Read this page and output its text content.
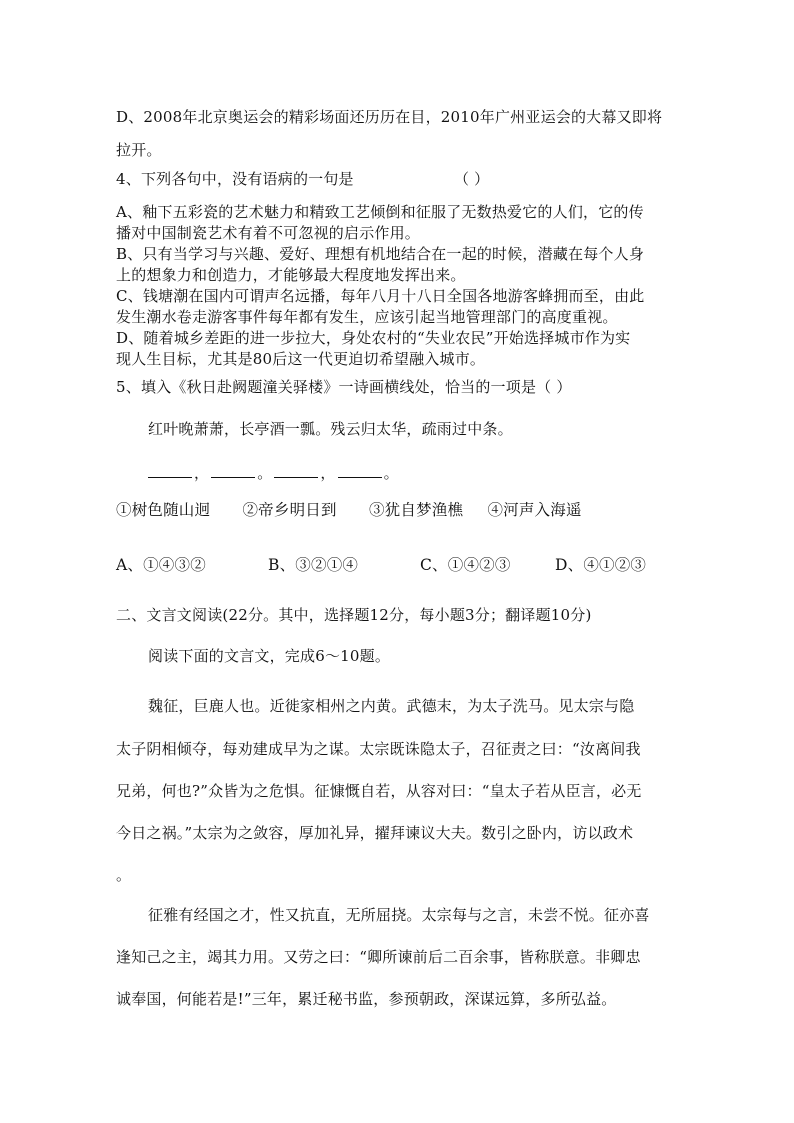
D、2008年北京奥运会的精彩场面还历历在目，2010年广州亚运会的大幕又即将
拉开。
4、下列各句中，没有语病的一句是	（ ）
A、釉下五彩瓷的艺术魅力和精致工艺倾倒和征服了无数热爱它的人们，它的传
播对中国制瓷艺术有着不可忽视的启示作用。
B、只有当学习与兴趣、爱好、理想有机地结合在一起的时候，潜藏在每个人身
上的想象力和创造力，才能够最大程度地发挥出来。
C、钱塘潮在国内可谓声名远播，每年八月十八日全国各地游客蜂拥而至，由此
发生潮水卷走游客事件每年都有发生，应该引起当地管理部门的高度重视。
D、随着城乡差距的进一步拉大，身处农村的“失业农民”开始选择城市作为实
现人生目标，尤其是80后这一代更迫切希望融入城市。
5、填入《秋日赴阙题潼关驿楼》一诗画横线处，恰当的一项是（ ）
红叶晚萧萧，长亭酒一瓢。残云归太华，疏雨过中条。
，	。	，	。
①树色随山迥 ②帝乡明日到 ③犹自梦渔樵 ④河声入海遥
A、①④③②	B、③②①④	C、①④②③	D、④①②③
二、文言文阅读(22分。其中，选择题12分，每小题3分；翻译题10分)
阅读下面的文言文，完成6～10题。
魏征，巨鹿人也。近徙家相州之内黄。武德末，为太子洗马。见太宗与隐
太子阴相倾夺，每劝建成早为之谋。太宗既诛隐太子，召征责之曰：“汝离间我
兄弟，何也?”众皆为之危惧。征慷慨自若，从容对曰：“皇太子若从臣言，必无
今日之祸。”太宗为之敛容，厚加礼异，擢拜谏议大夫。数引之卧内，访以政术
。
征雅有经国之才，性又抗直，无所屈挠。太宗每与之言，未尝不悦。征亦喜
逢知己之主，竭其力用。又劳之曰：“卿所谏前后二百余事，皆称朕意。非卿忠
诚奉国，何能若是!”三年，累迁秘书监，参预朝政，深谋远算，多所弘益。
